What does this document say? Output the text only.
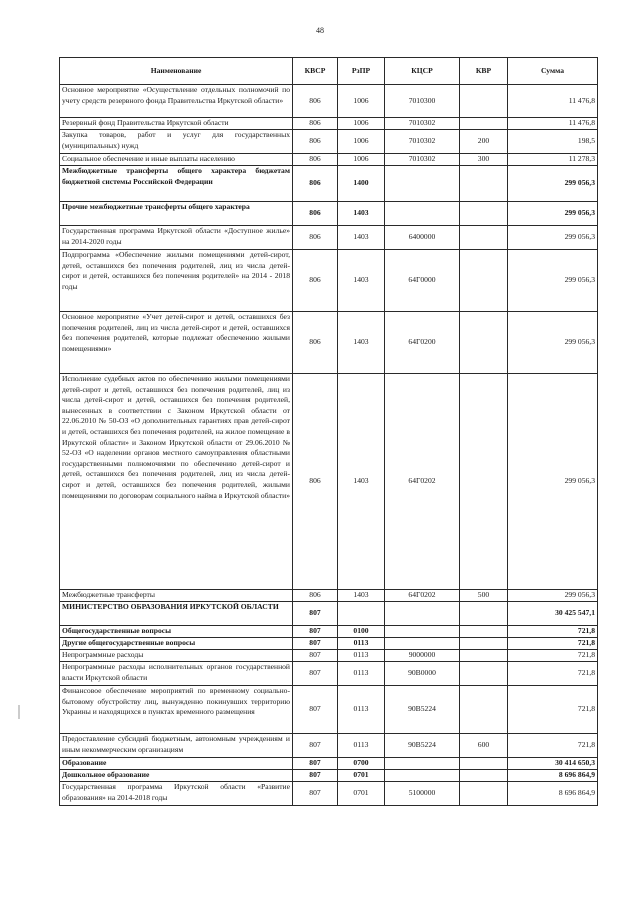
48
Наименование	КВСР	РзПР	КЦСР	КВР	Сумма
Основное мероприятие «Осуществление отдельных полномочий по учету средств резервного фонда Правительства Иркутской области»	806	1006	7010300		11 476,8
Резервный фонд Правительства Иркутской области	806	1006	7010302		11 476,8
Закупка товаров, работ и услуг для государственных (муниципальных) нужд	806	1006	7010302	200	198,5
Социальное обеспечение и иные выплаты населению	806	1006	7010302	300	11 278,3
Межбюджетные трансферты общего характера бюджетам бюджетной системы Российской Федерации	806	1400			299 056,3
Прочие межбюджетные трансферты общего характера	806	1403			299 056,3
Государственная программа Иркутской области «Доступное жилье» на 2014-2020 годы	806	1403	6400000		299 056,3
Подпрограмма «Обеспечение жилыми помещениями детей-сирот, детей, оставшихся без попечения родителей, лиц из числа детей-сирот и детей, оставшихся без попечения родителей» на 2014 - 2018 годы	806	1403	64Г0000		299 056,3
Основное мероприятие «Учет детей-сирот и детей, оставшихся без попечения родителей, лиц из числа детей-сирот и детей, оставшихся без попечения родителей, которые подлежат обеспечению жилыми помещениями»	806	1403	64Г0200		299 056,3
Исполнение судебных актов по обеспечению жилыми помещениями детей-сирот и детей, оставшихся без попечения родителей, лиц из числа детей-сирот и детей, оставшихся без попечения родителей, вынесенных в соответствии с Законом Иркутской области от 22.06.2010 № 50-ОЗ «О дополнительных гарантиях прав детей-сирот и детей, оставшихся без попечения родителей, на жилое помещение в Иркутской области» и Законом Иркутской области от 29.06.2010 № 52-ОЗ «О наделении органов местного самоуправления областными государственными полномочиями по обеспечению детей-сирот и детей, оставшихся без попечения родителей, лиц из числа детей-сирот и детей, оставшихся без попечения родителей, жилыми помещениями по договорам социального найма в Иркутской области»	806	1403	64Г0202		299 056,3
Межбюджетные трансферты	806	1403	64Г0202	500	299 056,3
МИНИСТЕРСТВО ОБРАЗОВАНИЯ ИРКУТСКОЙ ОБЛАСТИ	807				30 425 547,1
Общегосударственные вопросы	807	0100			721,8
Другие общегосударственные вопросы	807	0113			721,8
Непрограммные расходы	807	0113	9000000		721,8
Непрограммные расходы исполнительных органов государственной власти Иркутской области	807	0113	90В0000		721,8
Финансовое обеспечение мероприятий по временному социально-бытовому обустройству лиц, вынужденно покинувших территорию Украины и находящихся в пунктах временного размещения	807	0113	90В5224		721,8
Предоставление субсидий бюджетным, автономным учреждениям и иным некоммерческим организациям	807	0113	90В5224	600	721,8
Образование	807	0700			30 414 650,3
Дошкольное образование	807	0701			8 696 864,9
Государственная программа Иркутской области «Развитие образования» на 2014-2018 годы	807	0701	5100000		8 696 864,9
